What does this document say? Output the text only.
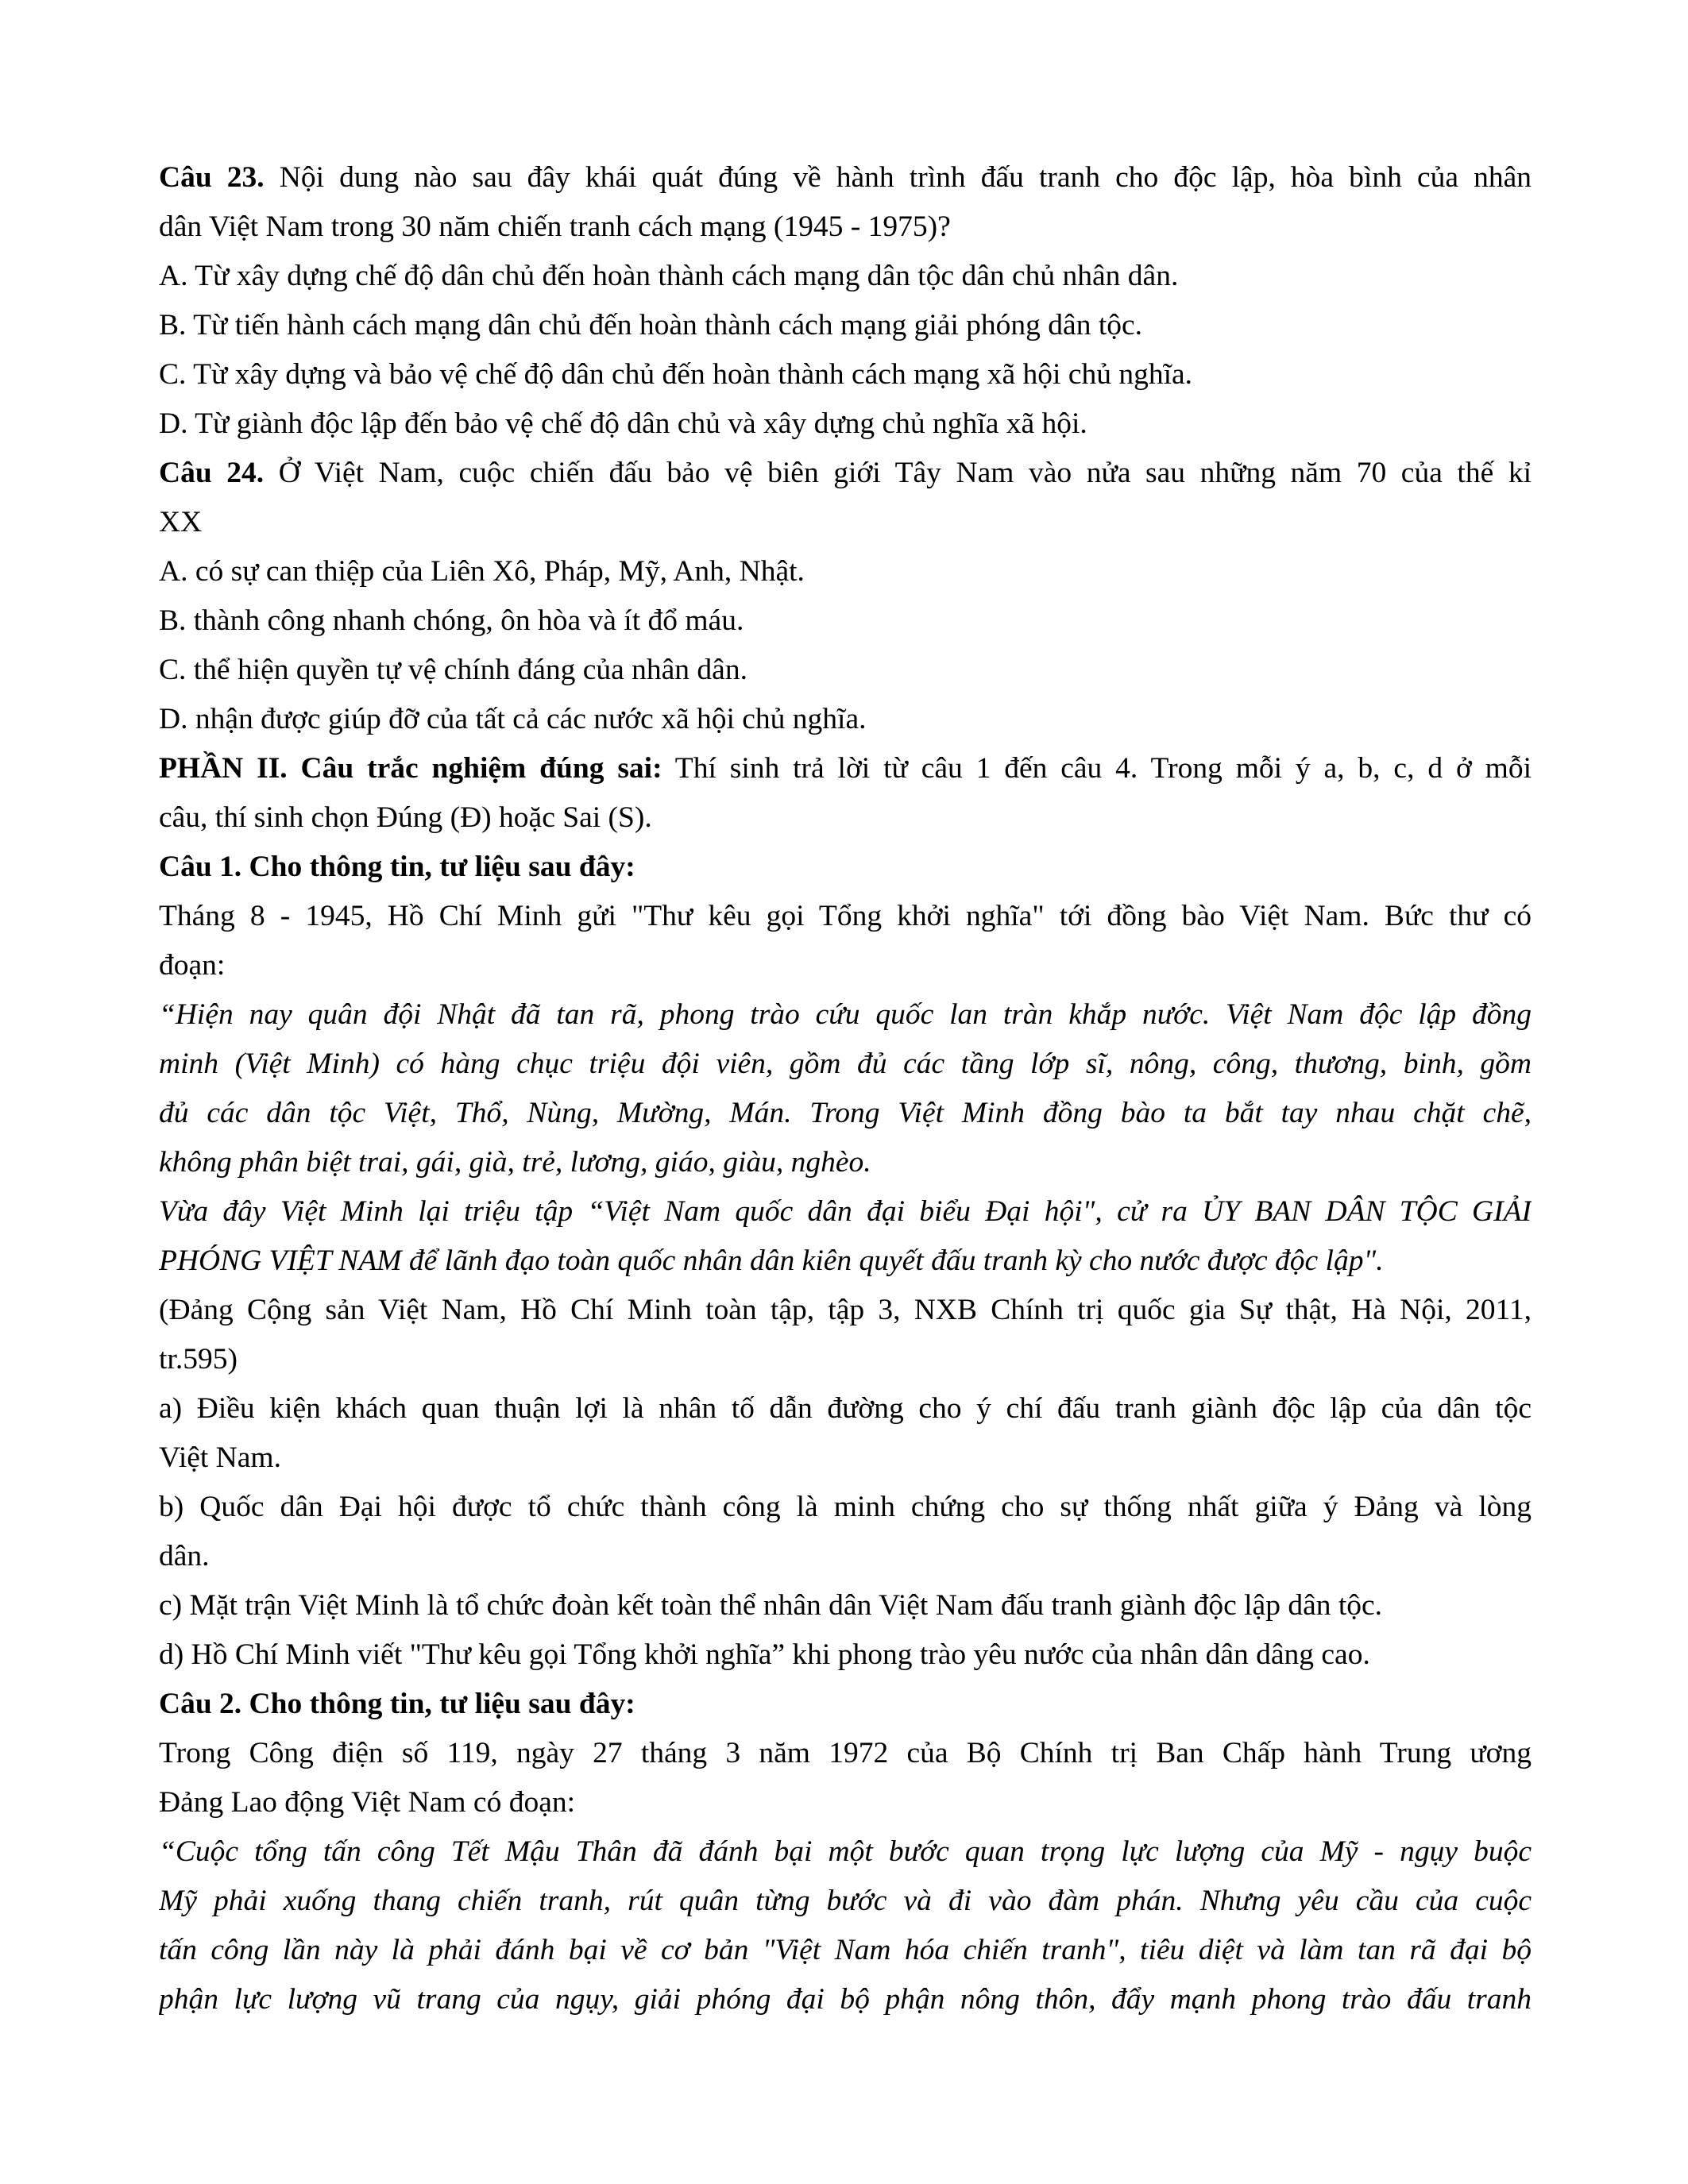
Câu 23. Nội dung nào sau đây khái quát đúng về hành trình đấu tranh cho độc lập, hòa bình của nhân
dân Việt Nam trong 30 năm chiến tranh cách mạng (1945 - 1975)?
A. Từ xây dựng chế độ dân chủ đến hoàn thành cách mạng dân tộc dân chủ nhân dân.
B. Từ tiến hành cách mạng dân chủ đến hoàn thành cách mạng giải phóng dân tộc.
C. Từ xây dựng và bảo vệ chế độ dân chủ đến hoàn thành cách mạng xã hội chủ nghĩa.
D. Từ giành độc lập đến bảo vệ chế độ dân chủ và xây dựng chủ nghĩa xã hội.
Câu 24. Ở Việt Nam, cuộc chiến đấu bảo vệ biên giới Tây Nam vào nửa sau những năm 70 của thế kỉ
XX
A. có sự can thiệp của Liên Xô, Pháp, Mỹ, Anh, Nhật.
B. thành công nhanh chóng, ôn hòa và ít đổ máu.
C. thể hiện quyền tự vệ chính đáng của nhân dân.
D. nhận được giúp đỡ của tất cả các nước xã hội chủ nghĩa.
PHẦN II. Câu trắc nghiệm đúng sai: Thí sinh trả lời từ câu 1 đến câu 4. Trong mỗi ý a, b, c, d ở mỗi
câu, thí sinh chọn Đúng (Đ) hoặc Sai (S).
Câu 1. Cho thông tin, tư liệu sau đây:
Tháng 8 - 1945, Hồ Chí Minh gửi "Thư kêu gọi Tổng khởi nghĩa" tới đồng bào Việt Nam. Bức thư có
đoạn:
“Hiện nay quân đội Nhật đã tan rã, phong trào cứu quốc lan tràn khắp nước. Việt Nam độc lập đồng
minh (Việt Minh) có hàng chục triệu đội viên, gồm đủ các tầng lớp sĩ, nông, công, thương, binh, gồm
đủ các dân tộc Việt, Thổ, Nùng, Mường, Mán. Trong Việt Minh đồng bào ta bắt tay nhau chặt chẽ,
không phân biệt trai, gái, già, trẻ, lương, giáo, giàu, nghèo.
Vừa đây Việt Minh lại triệu tập “Việt Nam quốc dân đại biểu Đại hội", cử ra ỦY BAN DÂN TỘC GIẢI
PHÓNG VIỆT NAM để lãnh đạo toàn quốc nhân dân kiên quyết đấu tranh kỳ cho nước được độc lập".
(Đảng Cộng sản Việt Nam, Hồ Chí Minh toàn tập, tập 3, NXB Chính trị quốc gia Sự thật, Hà Nội, 2011,
tr.595)
a) Điều kiện khách quan thuận lợi là nhân tố dẫn đường cho ý chí đấu tranh giành độc lập của dân tộc
Việt Nam.
b) Quốc dân Đại hội được tổ chức thành công là minh chứng cho sự thống nhất giữa ý Đảng và lòng
dân.
c) Mặt trận Việt Minh là tổ chức đoàn kết toàn thể nhân dân Việt Nam đấu tranh giành độc lập dân tộc.
d) Hồ Chí Minh viết "Thư kêu gọi Tổng khởi nghĩa” khi phong trào yêu nước của nhân dân dâng cao.
Câu 2. Cho thông tin, tư liệu sau đây:
Trong Công điện số 119, ngày 27 tháng 3 năm 1972 của Bộ Chính trị Ban Chấp hành Trung ương
Đảng Lao động Việt Nam có đoạn:
“Cuộc tổng tấn công Tết Mậu Thân đã đánh bại một bước quan trọng lực lượng của Mỹ - ngụy buộc
Mỹ phải xuống thang chiến tranh, rút quân từng bước và đi vào đàm phán. Nhưng yêu cầu của cuộc
tấn công lần này là phải đánh bại về cơ bản "Việt Nam hóa chiến tranh", tiêu diệt và làm tan rã đại bộ
phận lực lượng vũ trang của ngụy, giải phóng đại bộ phận nông thôn, đẩy mạnh phong trào đấu tranh
